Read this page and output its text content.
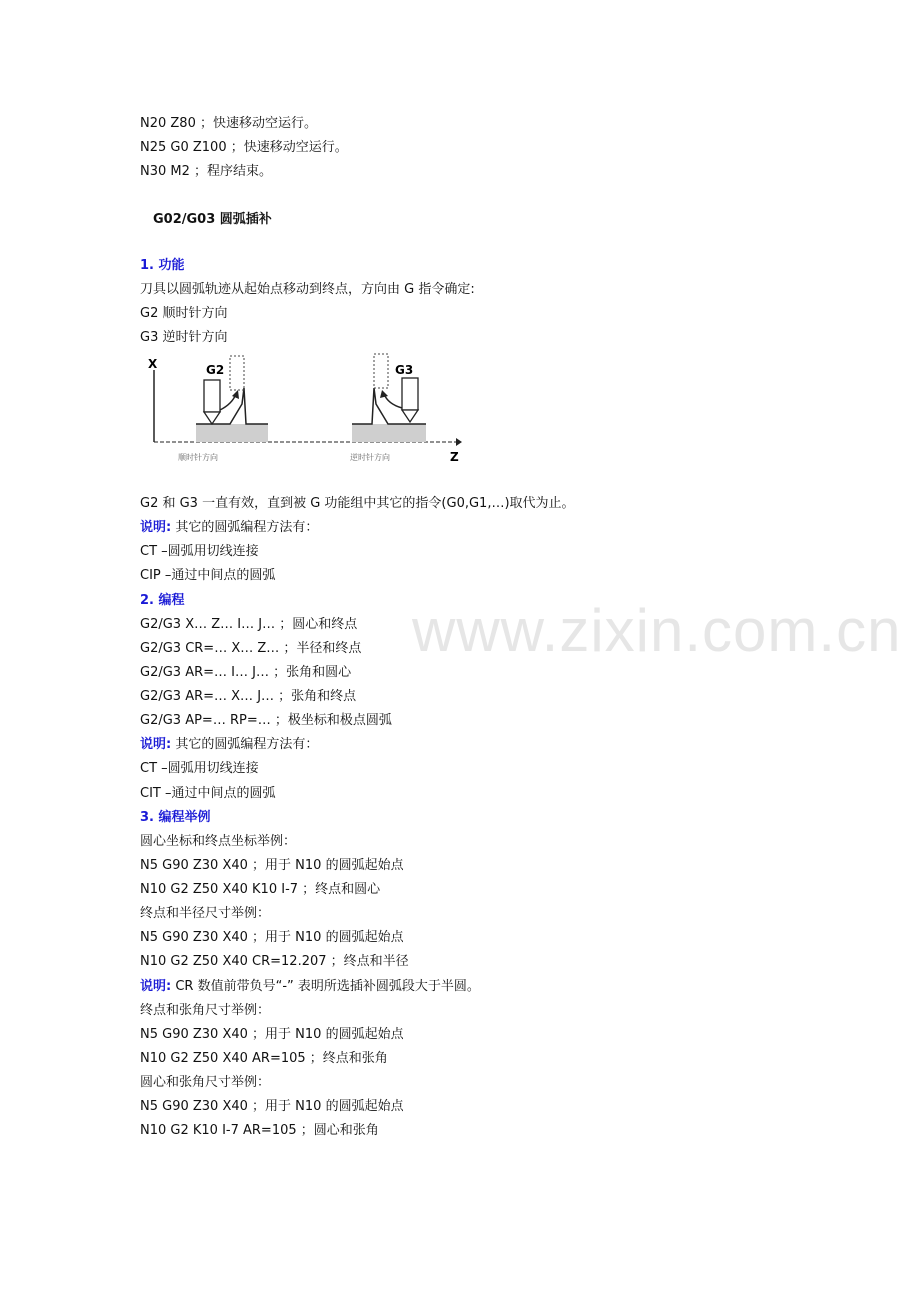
www.zixin.com.cn
N20 Z80 ；快速移动空运行。
N25 G0 Z100 ；快速移动空运行。
N30 M2 ；程序结束。
G02/G03 圆弧插补
1. 功能
刀具以圆弧轨迹从起始点移动到终点，方向由 G 指令确定:
G2 顺时针方向
G3 逆时针方向
X
Z
G2
顺时针方向
G3
逆时针方向
G2 和 G3 一直有效，直到被 G 功能组中其它的指令(G0,G1,…)取代为止。
说明: 其它的圆弧编程方法有：
CT –圆弧用切线连接
CIP –通过中间点的圆弧
2. 编程
G2/G3 X… Z… I… J… ；圆心和终点
G2/G3 CR=… X… Z… ；半径和终点
G2/G3 AR=… I… J… ；张角和圆心
G2/G3 AR=… X… J… ；张角和终点
G2/G3 AP=… RP=… ；极坐标和极点圆弧
说明: 其它的圆弧编程方法有：
CT –圆弧用切线连接
CIT –通过中间点的圆弧
3. 编程举例
圆心坐标和终点坐标举例：
N5 G90 Z30 X40 ；用于 N10 的圆弧起始点
N10 G2 Z50 X40 K10 I-7 ；终点和圆心
终点和半径尺寸举例：
N5 G90 Z30 X40 ；用于 N10 的圆弧起始点
N10 G2 Z50 X40 CR=12.207 ；终点和半径
说明: CR 数值前带负号“-” 表明所选插补圆弧段大于半圆。
终点和张角尺寸举例：
N5 G90 Z30 X40 ；用于 N10 的圆弧起始点
N10 G2 Z50 X40 AR=105 ；终点和张角
圆心和张角尺寸举例：
N5 G90 Z30 X40 ；用于 N10 的圆弧起始点
N10 G2 K10 I-7 AR=105 ；圆心和张角
